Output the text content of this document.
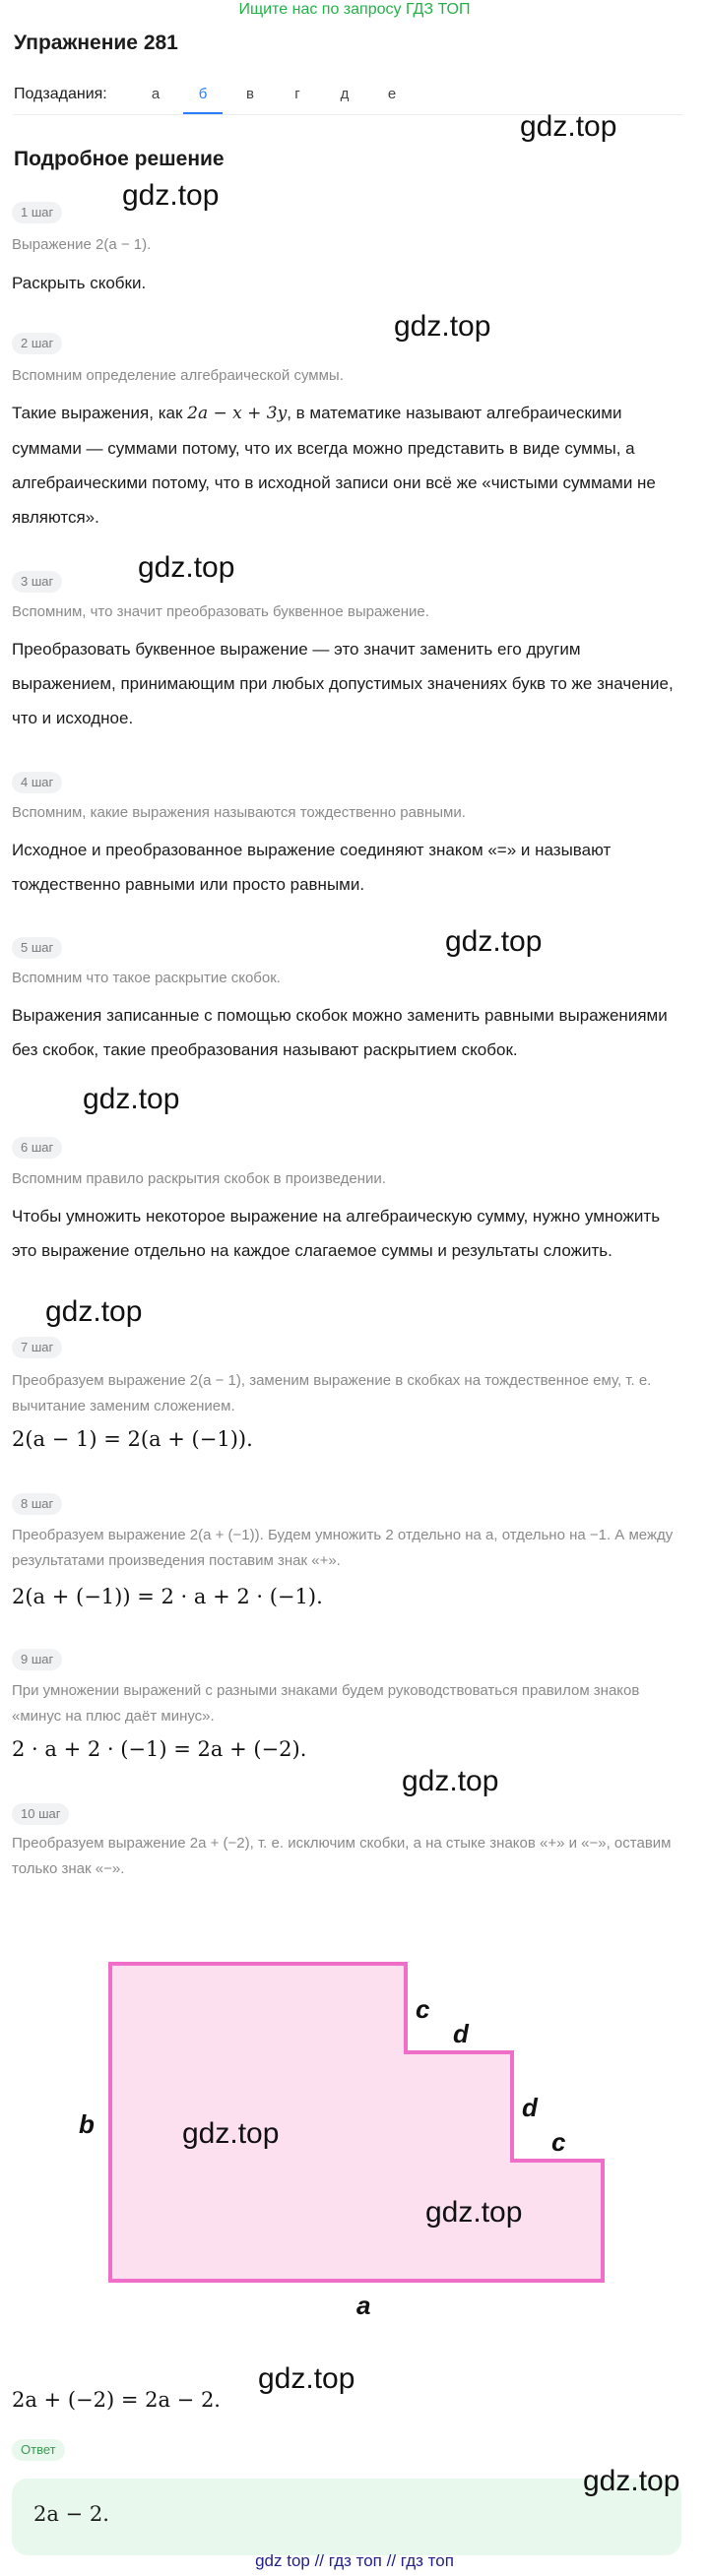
Ищите нас по запросу ГДЗ ТОП
Упражнение 281
Подзадания:	а	б	в	г	д	е
gdz.top
Подробное решение
1 шаг
gdz.top
Выражение 2(a − 1).
Раскрыть скобки.
gdz.top
2 шаг
Вспомним определение алгебраической суммы.
Такие выражения, как 2a − x + 3y, в математике называют алгебраическими суммами — суммами потому, что их всегда можно представить в виде суммы, а алгебраическими потому, что в исходной записи они всё же «чистыми суммами не являются».
3 шаг	gdz.top
Вспомним, что значит преобразовать буквенное выражение.
Преобразовать буквенное выражение — это значит заменить его другим выражением, принимающим при любых допустимых значениях букв то же значение, что и исходное.
4 шаг
Вспомним, какие выражения называются тождественно равными.
Исходное и преобразованное выражение соединяют знаком «=» и называют тождественно равными или просто равными.
5 шаг	gdz.top
Вспомним что такое раскрытие скобок.
Выражения записанные с помощью скобок можно заменить равными выражениями без скобок, такие преобразования называют раскрытием скобок.
gdz.top
6 шаг
Вспомним правило раскрытия скобок в произведении.
Чтобы умножить некоторое выражение на алгебраическую сумму, нужно умножить это выражение отдельно на каждое слагаемое суммы и результаты сложить.
gdz.top
7 шаг
Преобразуем выражение 2(a − 1), заменим выражение в скобках на тождественное ему, т. е. вычитание заменим сложением.
2(a − 1) = 2(a + (−1)).
8 шаг
Преобразуем выражение 2(a + (−1)). Будем умножить 2 отдельно на a, отдельно на −1. А между результатами произведения поставим знак «+».
2(a + (−1)) = 2 · a + 2 · (−1).
9 шаг
При умножении выражений с разными знаками будем руководствоваться правилом знаков «минус на плюс даёт минус».
2 · a + 2 · (−1) = 2a + (−2).
gdz.top
10 шаг
Преобразуем выражение 2a + (−2), т. е. исключим скобки, а на стыке знаков «+» и «−», оставим только знак «−».
b
c
d
d
c
a
gdz.top
gdz.top
2a + (−2) = 2a − 2.
gdz.top
Ответ
2a − 2.
gdz.top
gdz top // гдз топ // гдз топ
